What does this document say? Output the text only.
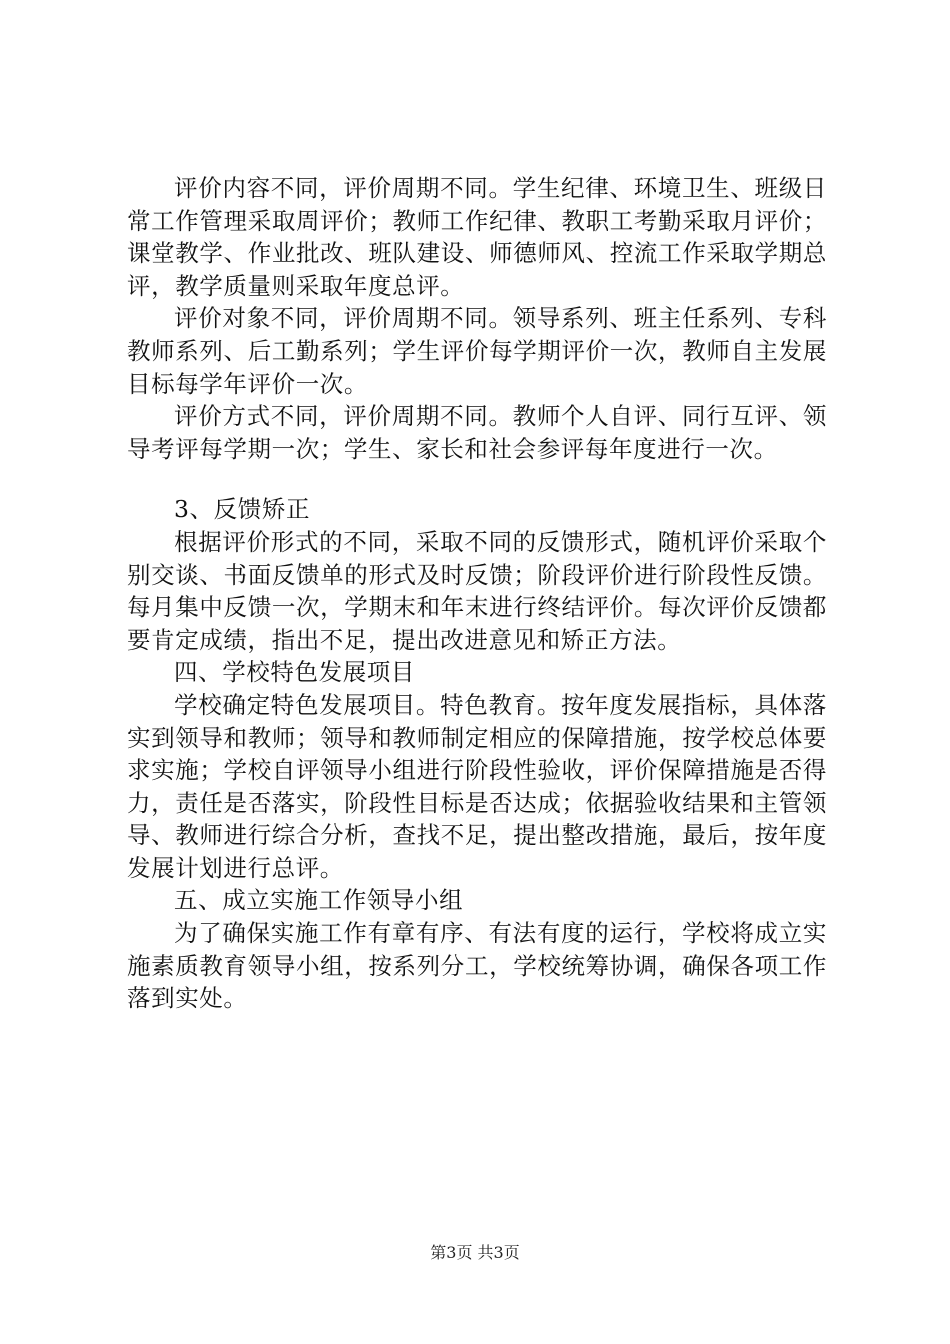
评价内容不同，评价周期不同。学生纪律、环境卫生、班级日常工作管理采取周评价；教师工作纪律、教职工考勤采取月评价；课堂教学、作业批改、班队建设、师德师风、控流工作采取学期总评，教学质量则采取年度总评。

评价对象不同，评价周期不同。领导系列、班主任系列、专科教师系列、后工勤系列；学生评价每学期评价一次，教师自主发展目标每学年评价一次。

评价方式不同，评价周期不同。教师个人自评、同行互评、领导考评每学期一次；学生、家长和社会参评每年度进行一次。

3、反馈矫正

根据评价形式的不同，采取不同的反馈形式，随机评价采取个别交谈、书面反馈单的形式及时反馈；阶段评价进行阶段性反馈。每月集中反馈一次，学期末和年末进行终结评价。每次评价反馈都要肯定成绩，指出不足，提出改进意见和矫正方法。

四、学校特色发展项目

学校确定特色发展项目。特色教育。按年度发展指标，具体落实到领导和教师；领导和教师制定相应的保障措施，按学校总体要求实施；学校自评领导小组进行阶段性验收，评价保障措施是否得力，责任是否落实，阶段性目标是否达成；依据验收结果和主管领导、教师进行综合分析，查找不足，提出整改措施，最后，按年度发展计划进行总评。

五、成立实施工作领导小组

为了确保实施工作有章有序、有法有度的运行，学校将成立实施素质教育领导小组，按系列分工，学校统筹协调，确保各项工作落到实处。

第3页 共3页
